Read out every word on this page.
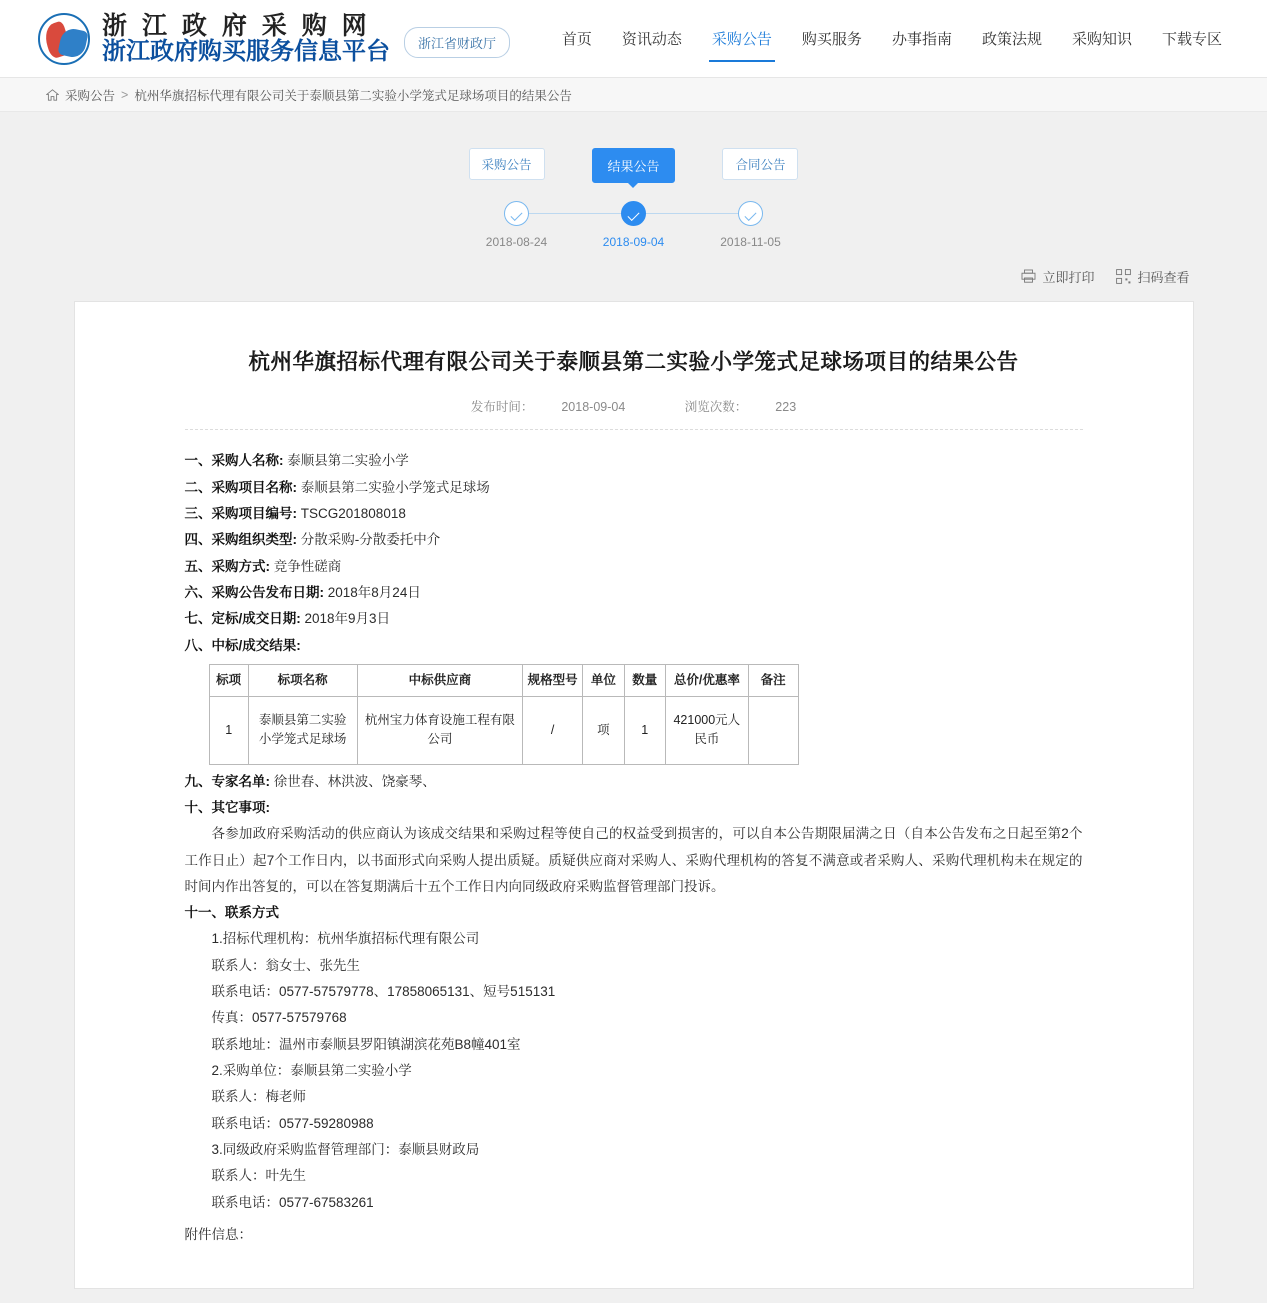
浙 江 政 府 采 购 网
浙江政府购买服务信息平台	浙江省财政厅	首页	资讯动态	采购公告	购买服务	办事指南	政策法规	采购知识	下载专区
采购公告 > 杭州华旗招标代理有限公司关于泰顺县第二实验小学笼式足球场项目的结果公告
采购公告	结果公告	合同公告
2018-08-24	2018-09-04	2018-11-05
立即打印	扫码查看
杭州华旗招标代理有限公司关于泰顺县第二实验小学笼式足球场项目的结果公告
发布时间： 2018-09-04	浏览次数： 223
一、采购人名称: 泰顺县第二实验小学
二、采购项目名称: 泰顺县第二实验小学笼式足球场
三、采购项目编号: TSCG201808018
四、采购组织类型: 分散采购-分散委托中介
五、采购方式: 竞争性磋商
六、采购公告发布日期: 2018年8月24日
七、定标/成交日期: 2018年9月3日
八、中标/成交结果:
标项	标项名称	中标供应商	规格型号	单位	数量	总价/优惠率	备注
1	泰顺县第二实验小学笼式足球场	杭州宝力体育设施工程有限公司	/	项	1	421000元人民币	
九、专家名单: 徐世春、林洪波、饶豪琴、
十、其它事项:
各参加政府采购活动的供应商认为该成交结果和采购过程等使自己的权益受到损害的，可以自本公告期限届满之日（自本公告发布之日起至第2个工作日止）起7个工作日内，以书面形式向采购人提出质疑。质疑供应商对采购人、采购代理机构的答复不满意或者采购人、采购代理机构未在规定的时间内作出答复的，可以在答复期满后十五个工作日内向同级政府采购监督管理部门投诉。
十一、联系方式
1.招标代理机构：杭州华旗招标代理有限公司
联系人：翁女士、张先生
联系电话：0577-57579778、17858065131、短号515131
传真：0577-57579768
联系地址：温州市泰顺县罗阳镇湖滨花苑B8幢401室
2.采购单位：泰顺县第二实验小学
联系人：梅老师
联系电话：0577-59280988
3.同级政府采购监督管理部门：泰顺县财政局
联系人：叶先生
联系电话：0577-67583261
附件信息：
